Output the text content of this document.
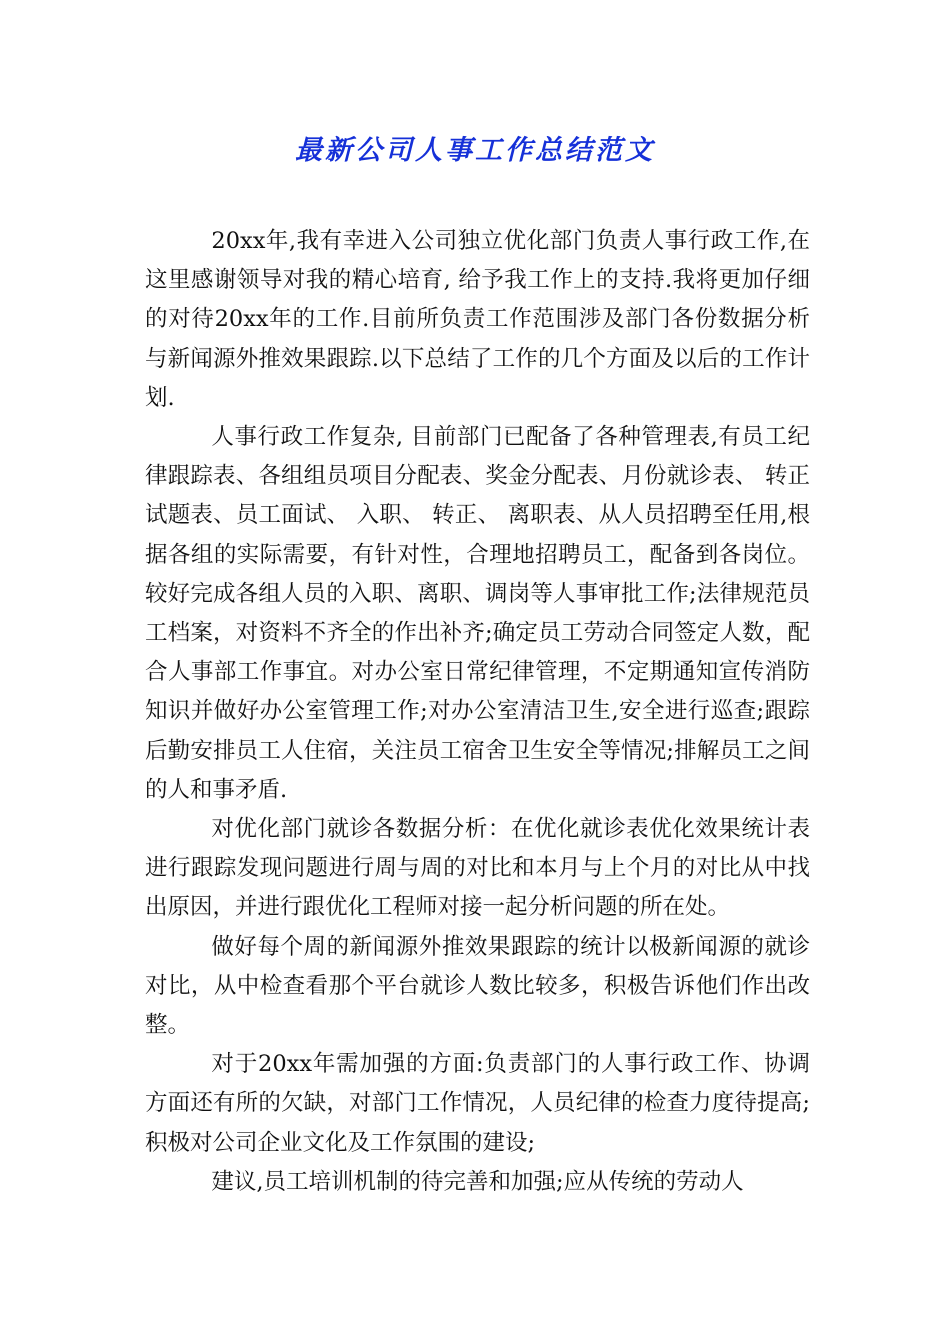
最新公司人事工作总结范文

20xx年,我有幸进入公司独立优化部门负责人事行政工作,在这里感谢领导对我的精心培育, 给予我工作上的支持.我将更加仔细的对待20xx年的工作.目前所负责工作范围涉及部门各份数据分析与新闻源外推效果跟踪.以下总结了工作的几个方面及以后的工作计划.

人事行政工作复杂, 目前部门已配备了各种管理表,有员工纪律跟踪表、各组组员项目分配表、奖金分配表、月份就诊表、 转正试题表、员工面试、 入职、 转正、 离职表、从人员招聘至任用,根据各组的实际需要，有针对性，合理地招聘员工，配备到各岗位。较好完成各组人员的入职、离职、调岗等人事审批工作;法律规范员工档案，对资料不齐全的作出补齐;确定员工劳动合同签定人数，配合人事部工作事宜。对办公室日常纪律管理，不定期通知宣传消防知识并做好办公室管理工作;对办公室清洁卫生,安全进行巡查;跟踪后勤安排员工人住宿，关注员工宿舍卫生安全等情况;排解员工之间的人和事矛盾.

对优化部门就诊各数据分析：在优化就诊表优化效果统计表进行跟踪发现问题进行周与周的对比和本月与上个月的对比从中找出原因，并进行跟优化工程师对接一起分析问题的所在处。

做好每个周的新闻源外推效果跟踪的统计以极新闻源的就诊对比，从中检查看那个平台就诊人数比较多，积极告诉他们作出改整。

对于20xx年需加强的方面:负责部门的人事行政工作、协调方面还有所的欠缺，对部门工作情况，人员纪律的检查力度待提高;积极对公司企业文化及工作氛围的建设;

建议,员工培训机制的待完善和加强;应从传统的劳动人
